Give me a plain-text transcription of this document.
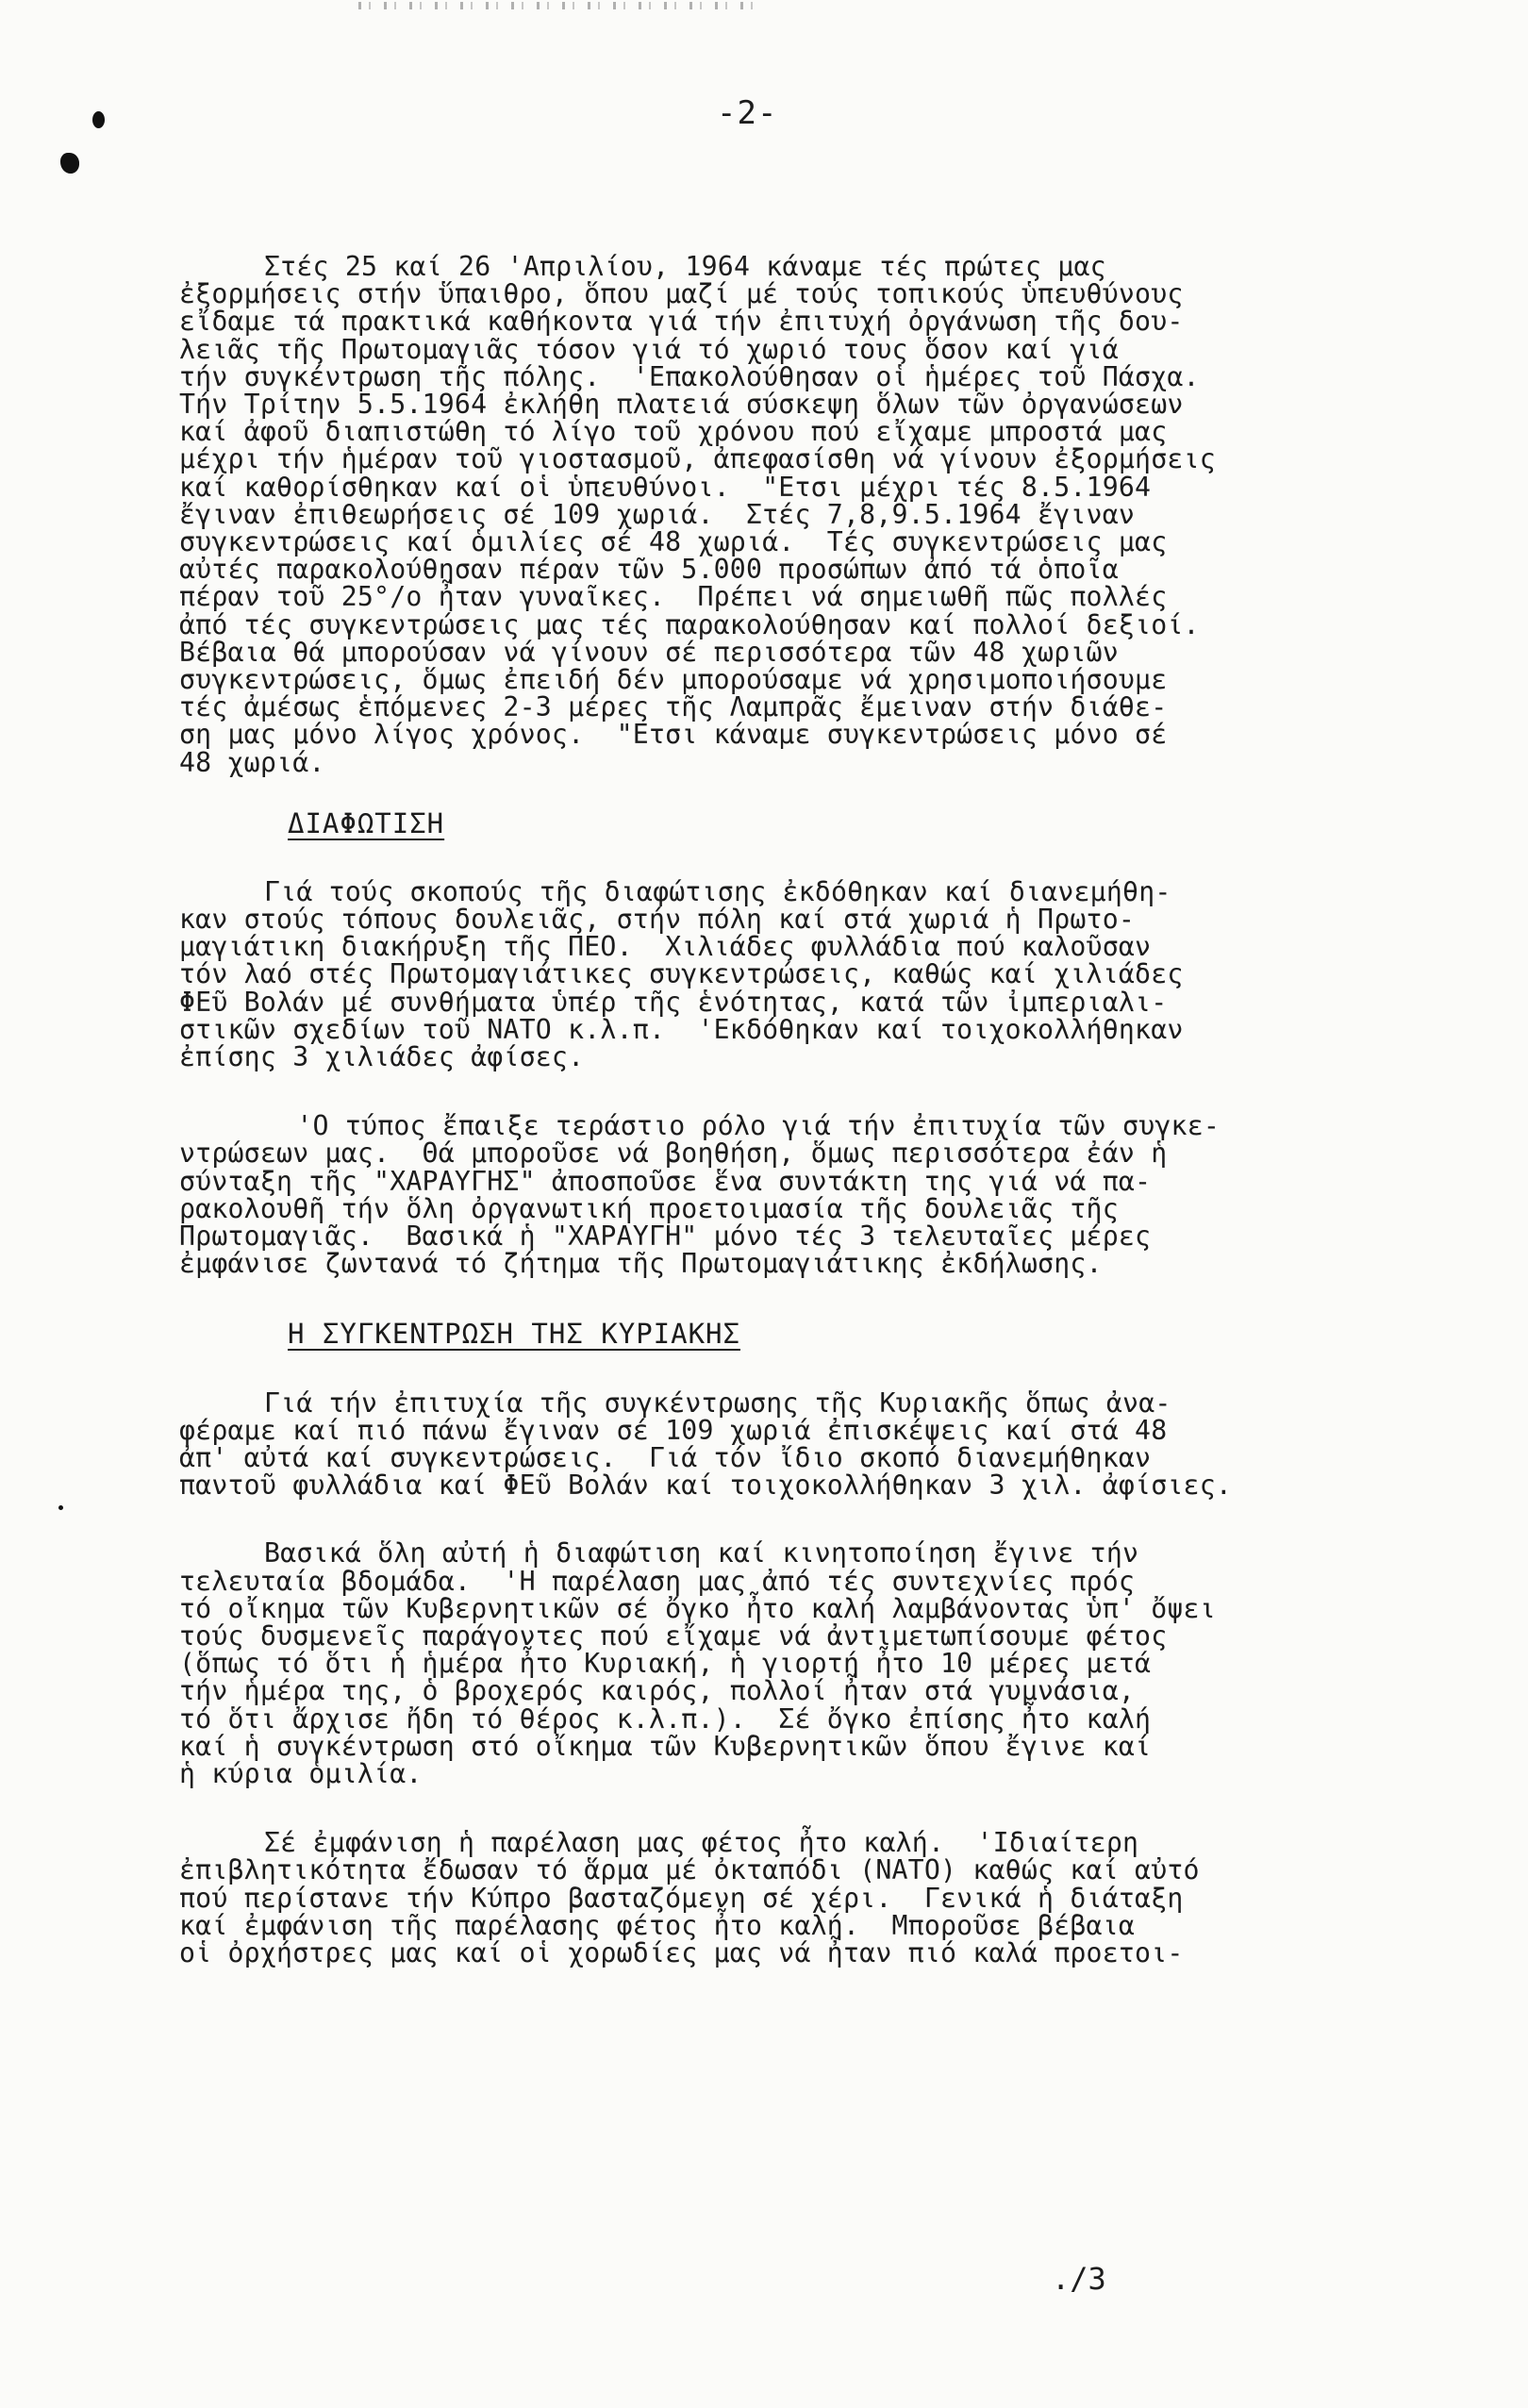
-2-
Στές 25 καί 26 'Απριλίου, 1964 κάναμε τές πρώτες μας
ἐξορμήσεις στήν ὕπαιθρο, ὅπου μαζί μέ τούς τοπικούς ὑπευθύνους
εἴδαμε τά πρακτικά καθήκοντα γιά τήν ἐπιτυχή ὀργάνωση τῆς δου-
λειᾶς τῆς Πρωτομαγιᾶς τόσον γιά τό χωριό τους ὅσον καί γιά
τήν συγκέντρωση τῆς πόλης.  'Επακολούθησαν οἱ ἡμέρες τοῦ Πάσχα.
Τήν Τρίτην 5.5.1964 ἐκλήθη πλατειά σύσκεψη ὅλων τῶν ὀργανώσεων
καί ἀφοῦ διαπιστώθη τό λίγο τοῦ χρόνου πού εἴχαμε μπροστά μας
μέχρι τήν ἡμέραν τοῦ γιοστασμοῦ, ἀπεφασίσθη νά γίνουν ἐξορμήσεις
καί καθορίσθηκαν καί οἱ ὑπευθύνοι.  "Ετσι μέχρι τές 8.5.1964
ἔγιναν ἐπιθεωρήσεις σέ 109 χωριά.  Στές 7,8,9.5.1964 ἔγιναν
συγκεντρώσεις καί ὁμιλίες σέ 48 χωριά.  Τές συγκεντρώσεις μας
αὐτές παρακολούθησαν πέραν τῶν 5.000 προσώπων ἀπό τά ὁποῖα
πέραν τοῦ 25°/ο ἦταν γυναῖκες.  Πρέπει νά σημειωθῆ πῶς πολλές
ἀπό τές συγκεντρώσεις μας τές παρακολούθησαν καί πολλοί δεξιοί.
Βέβαια θά μπορούσαν νά γίνουν σέ περισσότερα τῶν 48 χωριῶν
συγκεντρώσεις, ὅμως ἐπειδή δέν μπορούσαμε νά χρησιμοποιήσουμε
τές ἀμέσως ἑπόμενες 2-3 μέρες τῆς Λαμπρᾶς ἔμειναν στήν διάθε-
ση μας μόνο λίγος χρόνος.  "Ετσι κάναμε συγκεντρώσεις μόνο σέ
48 χωριά.
ΔΙΑΦΩΤΙΣΗ
Γιά τούς σκοπούς τῆς διαφώτισης ἐκδόθηκαν καί διανεμήθη-
καν στούς τόπους δουλειᾶς, στήν πόλη καί στά χωριά ἡ Πρωτο-
μαγιάτικη διακήρυξη τῆς ΠΕΟ.  Χιλιάδες φυλλάδια πού καλοῦσαν
τόν λαό στές Πρωτομαγιάτικες συγκεντρώσεις, καθώς καί χιλιάδες
ΦΕῦ Βολάν μέ συνθήματα ὑπέρ τῆς ἑνότητας, κατά τῶν ἰμπεριαλι-
στικῶν σχεδίων τοῦ ΝΑΤΟ κ.λ.π.  'Εκδόθηκαν καί τοιχοκολλήθηκαν
ἐπίσης 3 χιλιάδες ἀφίσες.
'Ο τύπος ἔπαιξε τεράστιο ρόλο γιά τήν ἐπιτυχία τῶν συγκε-
ντρώσεων μας.  Θά μποροῦσε νά βοηθήση, ὅμως περισσότερα ἐάν ἡ
σύνταξη τῆς "ΧΑΡΑΥΓΗΣ" ἀποσποῦσε ἕνα συντάκτη της γιά νά πα-
ρακολουθῆ τήν ὅλη ὀργανωτική προετοιμασία τῆς δουλειᾶς τῆς
Πρωτομαγιᾶς.  Βασικά ἡ "ΧΑΡΑΥΓΗ" μόνο τές 3 τελευταῖες μέρες
ἐμφάνισε ζωντανά τό ζήτημα τῆς Πρωτομαγιάτικης ἐκδήλωσης.
Η ΣΥΓΚΕΝΤΡΩΣΗ ΤΗΣ ΚΥΡΙΑΚΗΣ
Γιά τήν ἐπιτυχία τῆς συγκέντρωσης τῆς Κυριακῆς ὅπως ἀνα-
φέραμε καί πιό πάνω ἔγιναν σέ 109 χωριά ἐπισκέψεις καί στά 48
ἀπ' αὐτά καί συγκεντρώσεις.  Γιά τόν ἴδιο σκοπό διανεμήθηκαν
παντοῦ φυλλάδια καί ΦΕῦ Βολάν καί τοιχοκολλήθηκαν 3 χιλ. ἀφίσιες.
Βασικά ὅλη αὐτή ἡ διαφώτιση καί κινητοποίηση ἔγινε τήν
τελευταία βδομάδα.  'Η παρέλαση μας ἀπό τές συντεχνίες πρός
τό οἴκημα τῶν Κυβερνητικῶν σέ ὄγκο ἦτο καλή λαμβάνοντας ὑπ' ὄψει
τούς δυσμενεῖς παράγοντες πού εἴχαμε νά ἀντιμετωπίσουμε φέτος
(ὅπως τό ὅτι ἡ ἡμέρα ἦτο Κυριακή, ἡ γιορτή ἦτο 10 μέρες μετά
τήν ἡμέρα της, ὁ βροχερός καιρός, πολλοί ἦταν στά γυμνάσια,
τό ὅτι ἄρχισε ἤδη τό θέρος κ.λ.π.).  Σέ ὄγκο ἐπίσης ἦτο καλή
καί ἡ συγκέντρωση στό οἴκημα τῶν Κυβερνητικῶν ὅπου ἔγινε καί
ἡ κύρια ὁμιλία.
Σέ ἐμφάνιση ἡ παρέλαση μας φέτος ἦτο καλή.  'Ιδιαίτερη
ἐπιβλητικότητα ἔδωσαν τό ἅρμα μέ ὀκταπόδι (ΝΑΤΟ) καθώς καί αὐτό
πού περίστανε τήν Κύπρο βασταζόμενη σέ χέρι.  Γενικά ἡ διάταξη
καί ἐμφάνιση τῆς παρέλασης φέτος ἦτο καλή.  Μποροῦσε βέβαια
οἱ ὀρχήστρες μας καί οἱ χορωδίες μας νά ἦταν πιό καλά προετοι-
./3
